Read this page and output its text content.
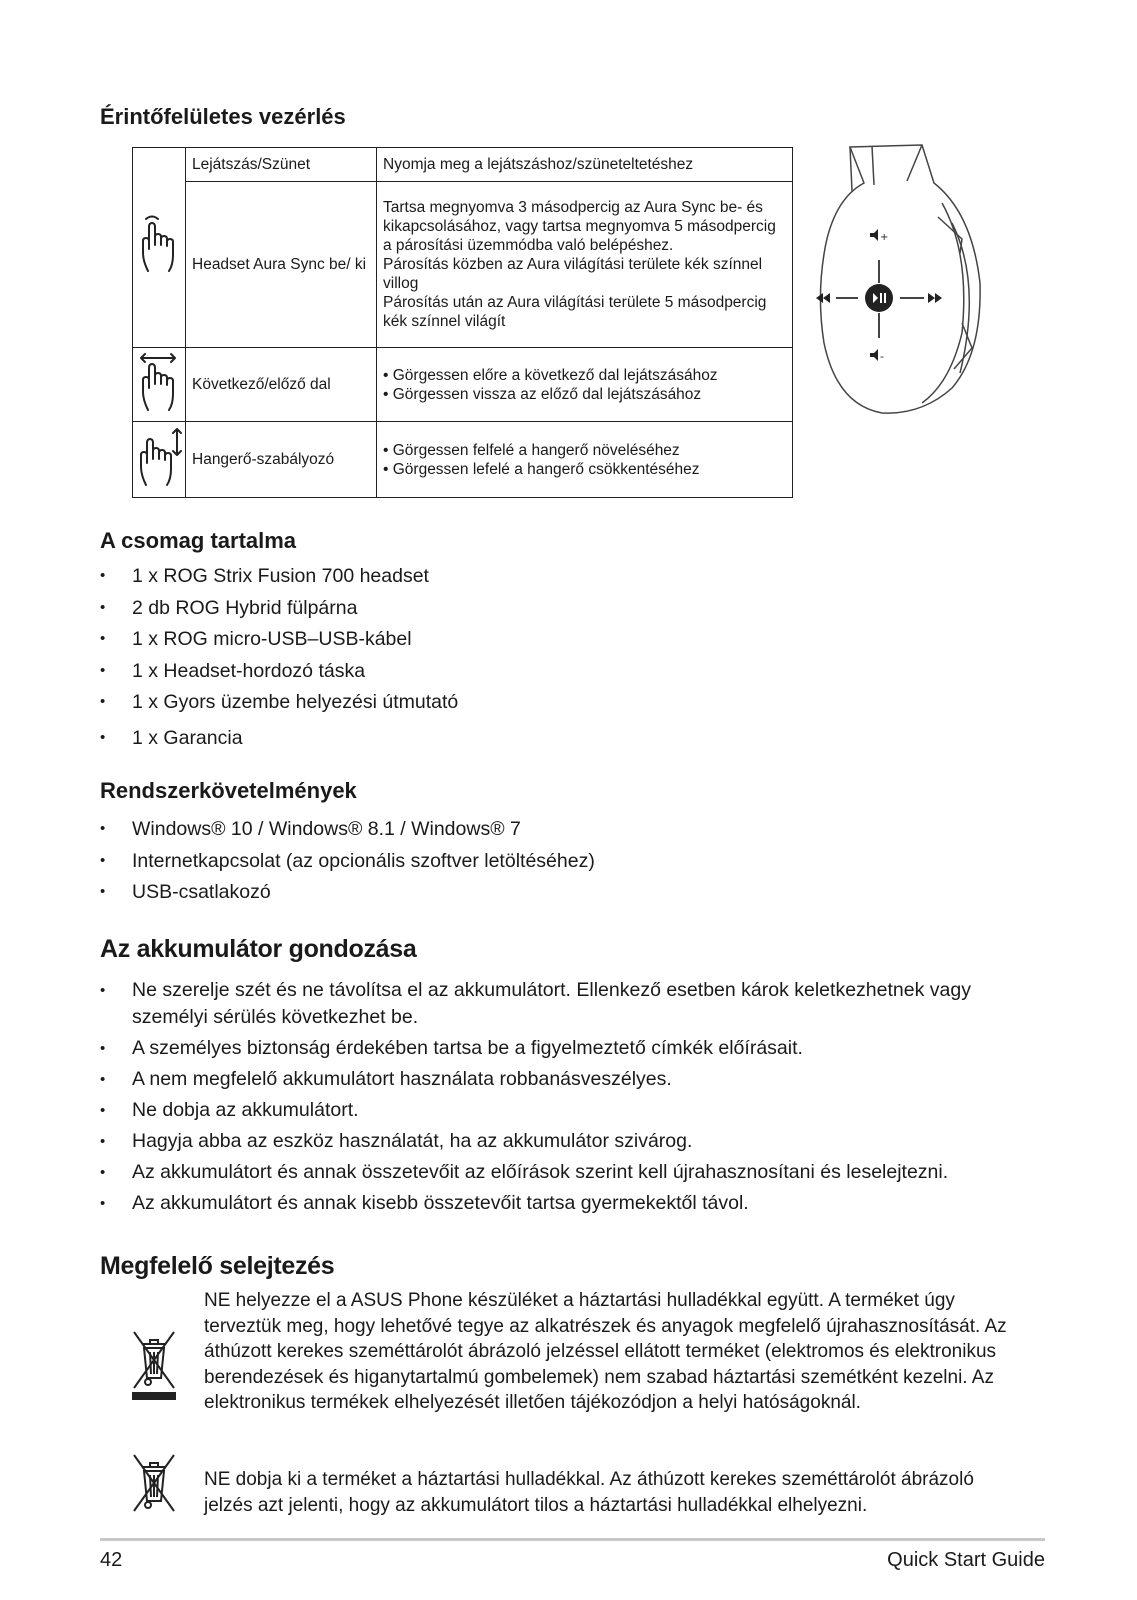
Érintőfelületes vezérlés
	Lejátszás/Szünet	Nyomja meg a lejátszáshoz/szüneteltetéshez

	Headset Aura Sync be/ ki	Tartsa megnyomva 3 másodpercig az Aura Sync be- és kikapcsolásához, vagy tartsa megnyomva 5 másodpercig a párosítási üzemmódba való belépéshez.
Párosítás közben az Aura világítási területe kék színnel villog
Párosítás után az Aura világítási területe 5 másodpercig kék színnel világít

	Következő/előző dal	• Görgessen előre a következő dal lejátszásához
• Görgessen vissza az előző dal lejátszásához

	Hangerő-szabályozó	• Görgessen felfelé a hangerő növeléséhez
• Görgessen lefelé a hangerő csökkentéséhez
+
-
A csomag tartalma
• 1 x ROG Strix Fusion 700 headset
• 2 db ROG Hybrid fülpárna
• 1 x ROG micro-USB–USB-kábel
• 1 x Headset-hordozó táska
• 1 x Gyors üzembe helyezési útmutató
• 1 x Garancia
Rendszerkövetelmények
• Windows® 10 / Windows® 8.1 / Windows® 7
• Internetkapcsolat (az opcionális szoftver letöltéséhez)
• USB-csatlakozó
Az akkumulátor gondozása
• Ne szerelje szét és ne távolítsa el az akkumulátort. Ellenkező esetben károk keletkezhetnek vagy személyi sérülés következhet be.
• A személyes biztonság érdekében tartsa be a figyelmeztető címkék előírásait.
• A nem megfelelő akkumulátort használata robbanásveszélyes.
• Ne dobja az akkumulátort.
• Hagyja abba az eszköz használatát, ha az akkumulátor szivárog.
• Az akkumulátort és annak összetevőit az előírások szerint kell újrahasznosítani és leselejtezni.
• Az akkumulátort és annak kisebb összetevőit tartsa gyermekektől távol.
Megfelelő selejtezés

NE helyezze el a ASUS Phone készüléket a háztartási hulladékkal együtt. A terméket úgy terveztük meg, hogy lehetővé tegye az alkatrészek és anyagok megfelelő újrahasznosítását. Az áthúzott kerekes szeméttárolót ábrázoló jelzéssel ellátott terméket (elektromos és elektronikus berendezések és higanytartalmú gombelemek) nem szabad háztartási szemétként kezelni. Az elektronikus termékek elhelyezését illetően tájékozódjon a helyi hatóságoknál.

NE dobja ki a terméket a háztartási hulladékkal. Az áthúzott kerekes szeméttárolót ábrázoló jelzés azt jelenti, hogy az akkumulátort tilos a háztartási hulladékkal elhelyezni.

42	Quick Start Guide
